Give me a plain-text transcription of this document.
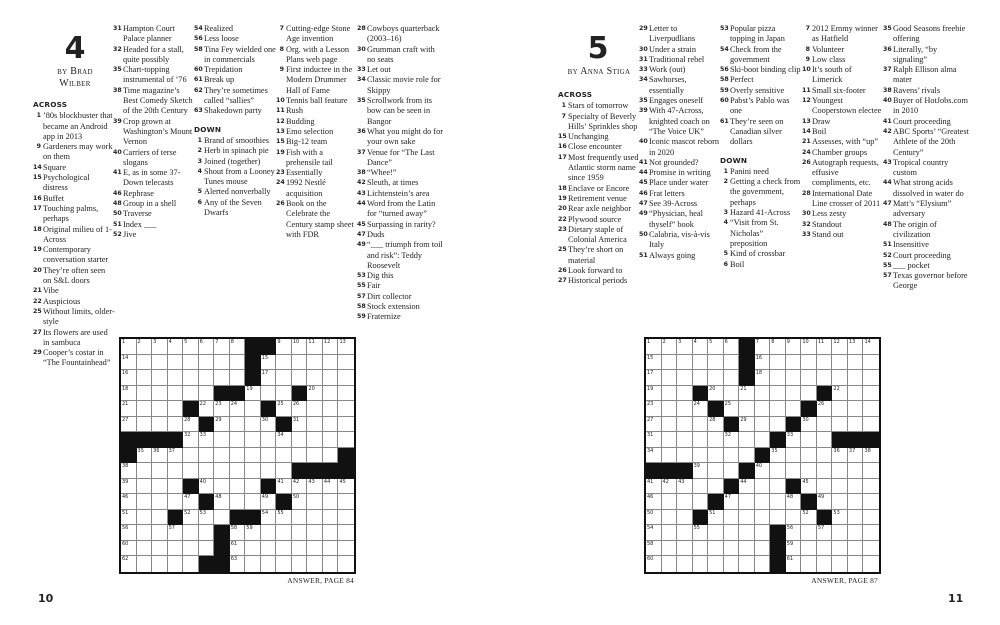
4
by Brad
Wilber
ACROSS
1 ’80s blockbuster that became an Android app in 2013
9 Gardeners may work on them
14 Square
15 Psychological distress
16 Buffet
17 Touching palms, perhaps
18 Original milieu of 1-Across
19 Contemporary conversation starter
20 They’re often seen on S&L doors
21 Vibe
22 Auspicious
25 Without limits, older-style
27 Its flowers are used in sambuca
29 Cooper’s costar in “The Fountainhead”
31 Hampton Court Palace planner
32 Headed for a stall, quite possibly
35 Chart-topping instrumental of ’76
38 Time magazine’s Best Comedy Sketch of the 20th Century
39 Crop grown at Washington’s Mount Vernon
40 Carriers of terse slogans
41 E, as in some 37-Down telecasts
46 Rephrase
48 Group in a shell
50 Traverse
51 Index ___
52 Jive
54 Realized
56 Less loose
58 Tina Fey wielded one in commercials
60 Trepidation
61 Break up
62 They’re sometimes called “sallies”
63 Shakedown party
DOWN
1 Brand of smoothies
2 Herb in spinach pie
3 Joined (together)
4 Shout from a Looney Tunes mouse
5 Alerted nonverbally
6 Any of the Seven Dwarfs
7 Cutting-edge Stone Age invention
8 Org. with a Lesson Plans web page
9 First inductee in the Modern Drummer Hall of Fame
10 Tennis ball feature
11 Rush
12 Budding
13 Emo selection
15 Big-12 team
19 Fish with a prehensile tail
23 Essentially
24 1992 Nestlé acquisition
26 Book on the Celebrate the Century stamp sheet with FDR
28 Cowboys quarterback (2003–16)
30 Grumman craft with no seats
33 Let out
34 Classic movie role for Skippy
35 Scrollwork from its bow can be seen in Bangor
36 What you might do for your own sake
37 Venue for “The Last Dance”
38 “Whee!”
42 Sleuth, at times
43 Lichtenstein’s area
44 Word from the Latin for “turned away”
45 Surpassing in rarity?
47 Duds
49 “___ triumph from toil and risk”: Teddy Roosevelt
53 Dig this
55 Fair
57 Dirt collector
58 Stock extension
59 Fraternize
1 2 3 4 5 6 7 8	9 10 11 12 13
14	15
16	17
18	19	20
21	22 23 24	25 26
27	28	29	30	31
32 33	34
35 36 37
38
39	40	41 42 43 44 45
46	47	48	49	50
51	52 53	54 55
56	57	58 59
60	61
62	63
ANSWER, PAGE 84
10
5
by Anna Stiga
ACROSS
1 Stars of tomorrow
7 Specialty of Beverly Hills’ Sprinkles shop
15 Unchanging
16 Close encounter
17 Most frequently used Atlantic storm name since 1959
18 Enclave or Encore
19 Retirement venue
20 Rear axle neighbor
22 Plywood source
23 Dietary staple of Colonial America
25 They’re short on material
26 Look forward to
27 Historical periods
29 Letter to Liverpudlians
30 Under a strain
31 Traditional rebel
33 Work (out)
34 Sawhorses, essentially
35 Engages oneself
39 With 47-Across, knighted coach on “The Voice UK”
40 Iconic mascot reborn in 2020
41 Not grounded?
44 Promise in writing
45 Place under water
46 Frat letters
47 See 39-Across
49 “Physician, heal thyself” book
50 Calabria, vis-à-vis Italy
51 Always going
53 Popular pizza topping in Japan
54 Check from the government
56 Ski-boot binding clip
58 Perfect
59 Overly sensitive
60 Pabst’s Pablo was one
61 They’re seen on Canadian silver dollars
DOWN
1 Panini need
2 Getting a check from the government, perhaps
3 Hazard 41-Across
4 “Visit from St. Nicholas” preposition
5 Kind of crossbar
6 Boil
7 2012 Emmy winner as Hatfield
8 Volunteer
9 Low class
10 It’s south of Limerick
11 Small six-footer
12 Youngest Cooperstown electee
13 Draw
14 Boil
21 Assesses, with “up”
24 Chamber groups
26 Autograph requests, effusive compliments, etc.
28 International Date Line crosser of 2011
30 Less zesty
32 Standout
33 Stand out
35 Good Seasons freebie offering
36 Literally, “by signaling”
37 Ralph Ellison alma mater
38 Ravens’ rivals
40 Buyer of HotJobs.com in 2010
41 Court proceeding
42 ABC Sports’ “Greatest Athlete of the 20th Century”
43 Tropical country custom
44 What strong acids dissolved in water do
47 Matt’s “Elysium” adversary
48 The origin of civilization
51 Insensitive
52 Court proceeding
55 ___ pocket
57 Texas governor before George
1 2 3 4 5 6	7 8 9 10 11 12 13 14
15	16
17	18
19	20	21	22
23	24	25	26
27	28	29	30
31	32	33
34	35	36 37 38
39	40
41 42 43	44	45
46	47	48	49
50	51	52	53
54	55	56	57
58	59
60	61
ANSWER, PAGE 87
11
